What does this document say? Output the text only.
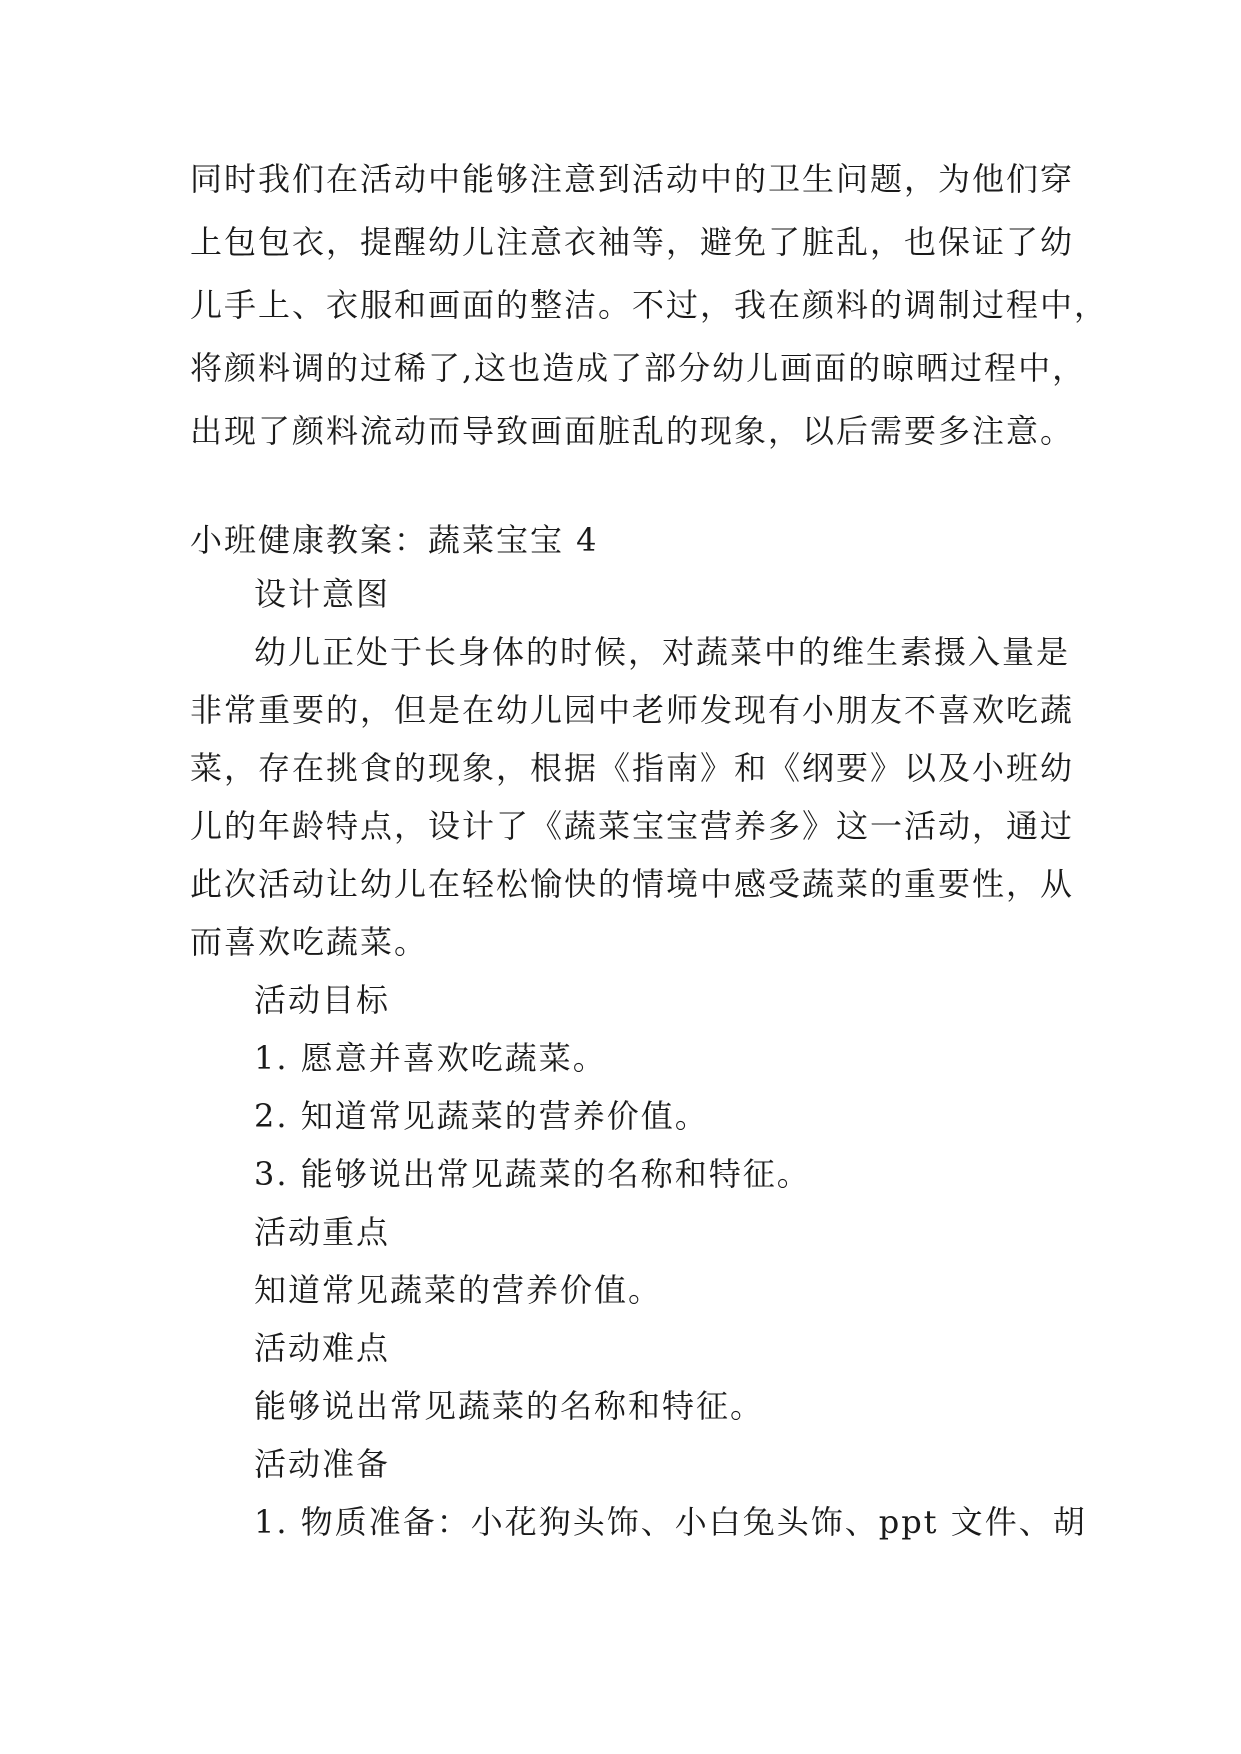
同时我们在活动中能够注意到活动中的卫生问题，为他们穿
上包包衣，提醒幼儿注意衣袖等，避免了脏乱，也保证了幼
儿手上、衣服和画面的整洁。不过，我在颜料的调制过程中，
将颜料调的过稀了,这也造成了部分幼儿画面的晾晒过程中，
出现了颜料流动而导致画面脏乱的现象，以后需要多注意。
小班健康教案：蔬菜宝宝 4
设计意图
幼儿正处于长身体的时候，对蔬菜中的维生素摄入量是
非常重要的，但是在幼儿园中老师发现有小朋友不喜欢吃蔬
菜，存在挑食的现象，根据《指南》和《纲要》以及小班幼
儿的年龄特点，设计了《蔬菜宝宝营养多》这一活动，通过
此次活动让幼儿在轻松愉快的情境中感受蔬菜的重要性，从
而喜欢吃蔬菜。
活动目标
1. 愿意并喜欢吃蔬菜。
2. 知道常见蔬菜的营养价值。
3. 能够说出常见蔬菜的名称和特征。
活动重点
知道常见蔬菜的营养价值。
活动难点
能够说出常见蔬菜的名称和特征。
活动准备
1. 物质准备：小花狗头饰、小白兔头饰、ppt 文件、胡
